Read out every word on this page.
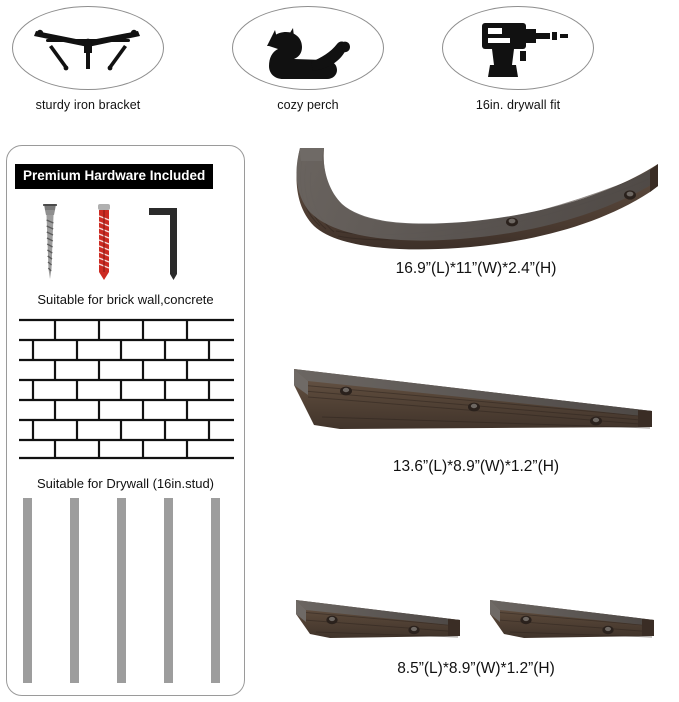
sturdy iron bracket	cozy perch	16in. drywall fit
Premium Hardware Included
Suitable for brick wall,concrete
Suitable for Drywall (16in.stud)
16.9”(L)*11”(W)*2.4”(H)
13.6”(L)*8.9”(W)*1.2”(H)
8.5”(L)*8.9”(W)*1.2”(H)
